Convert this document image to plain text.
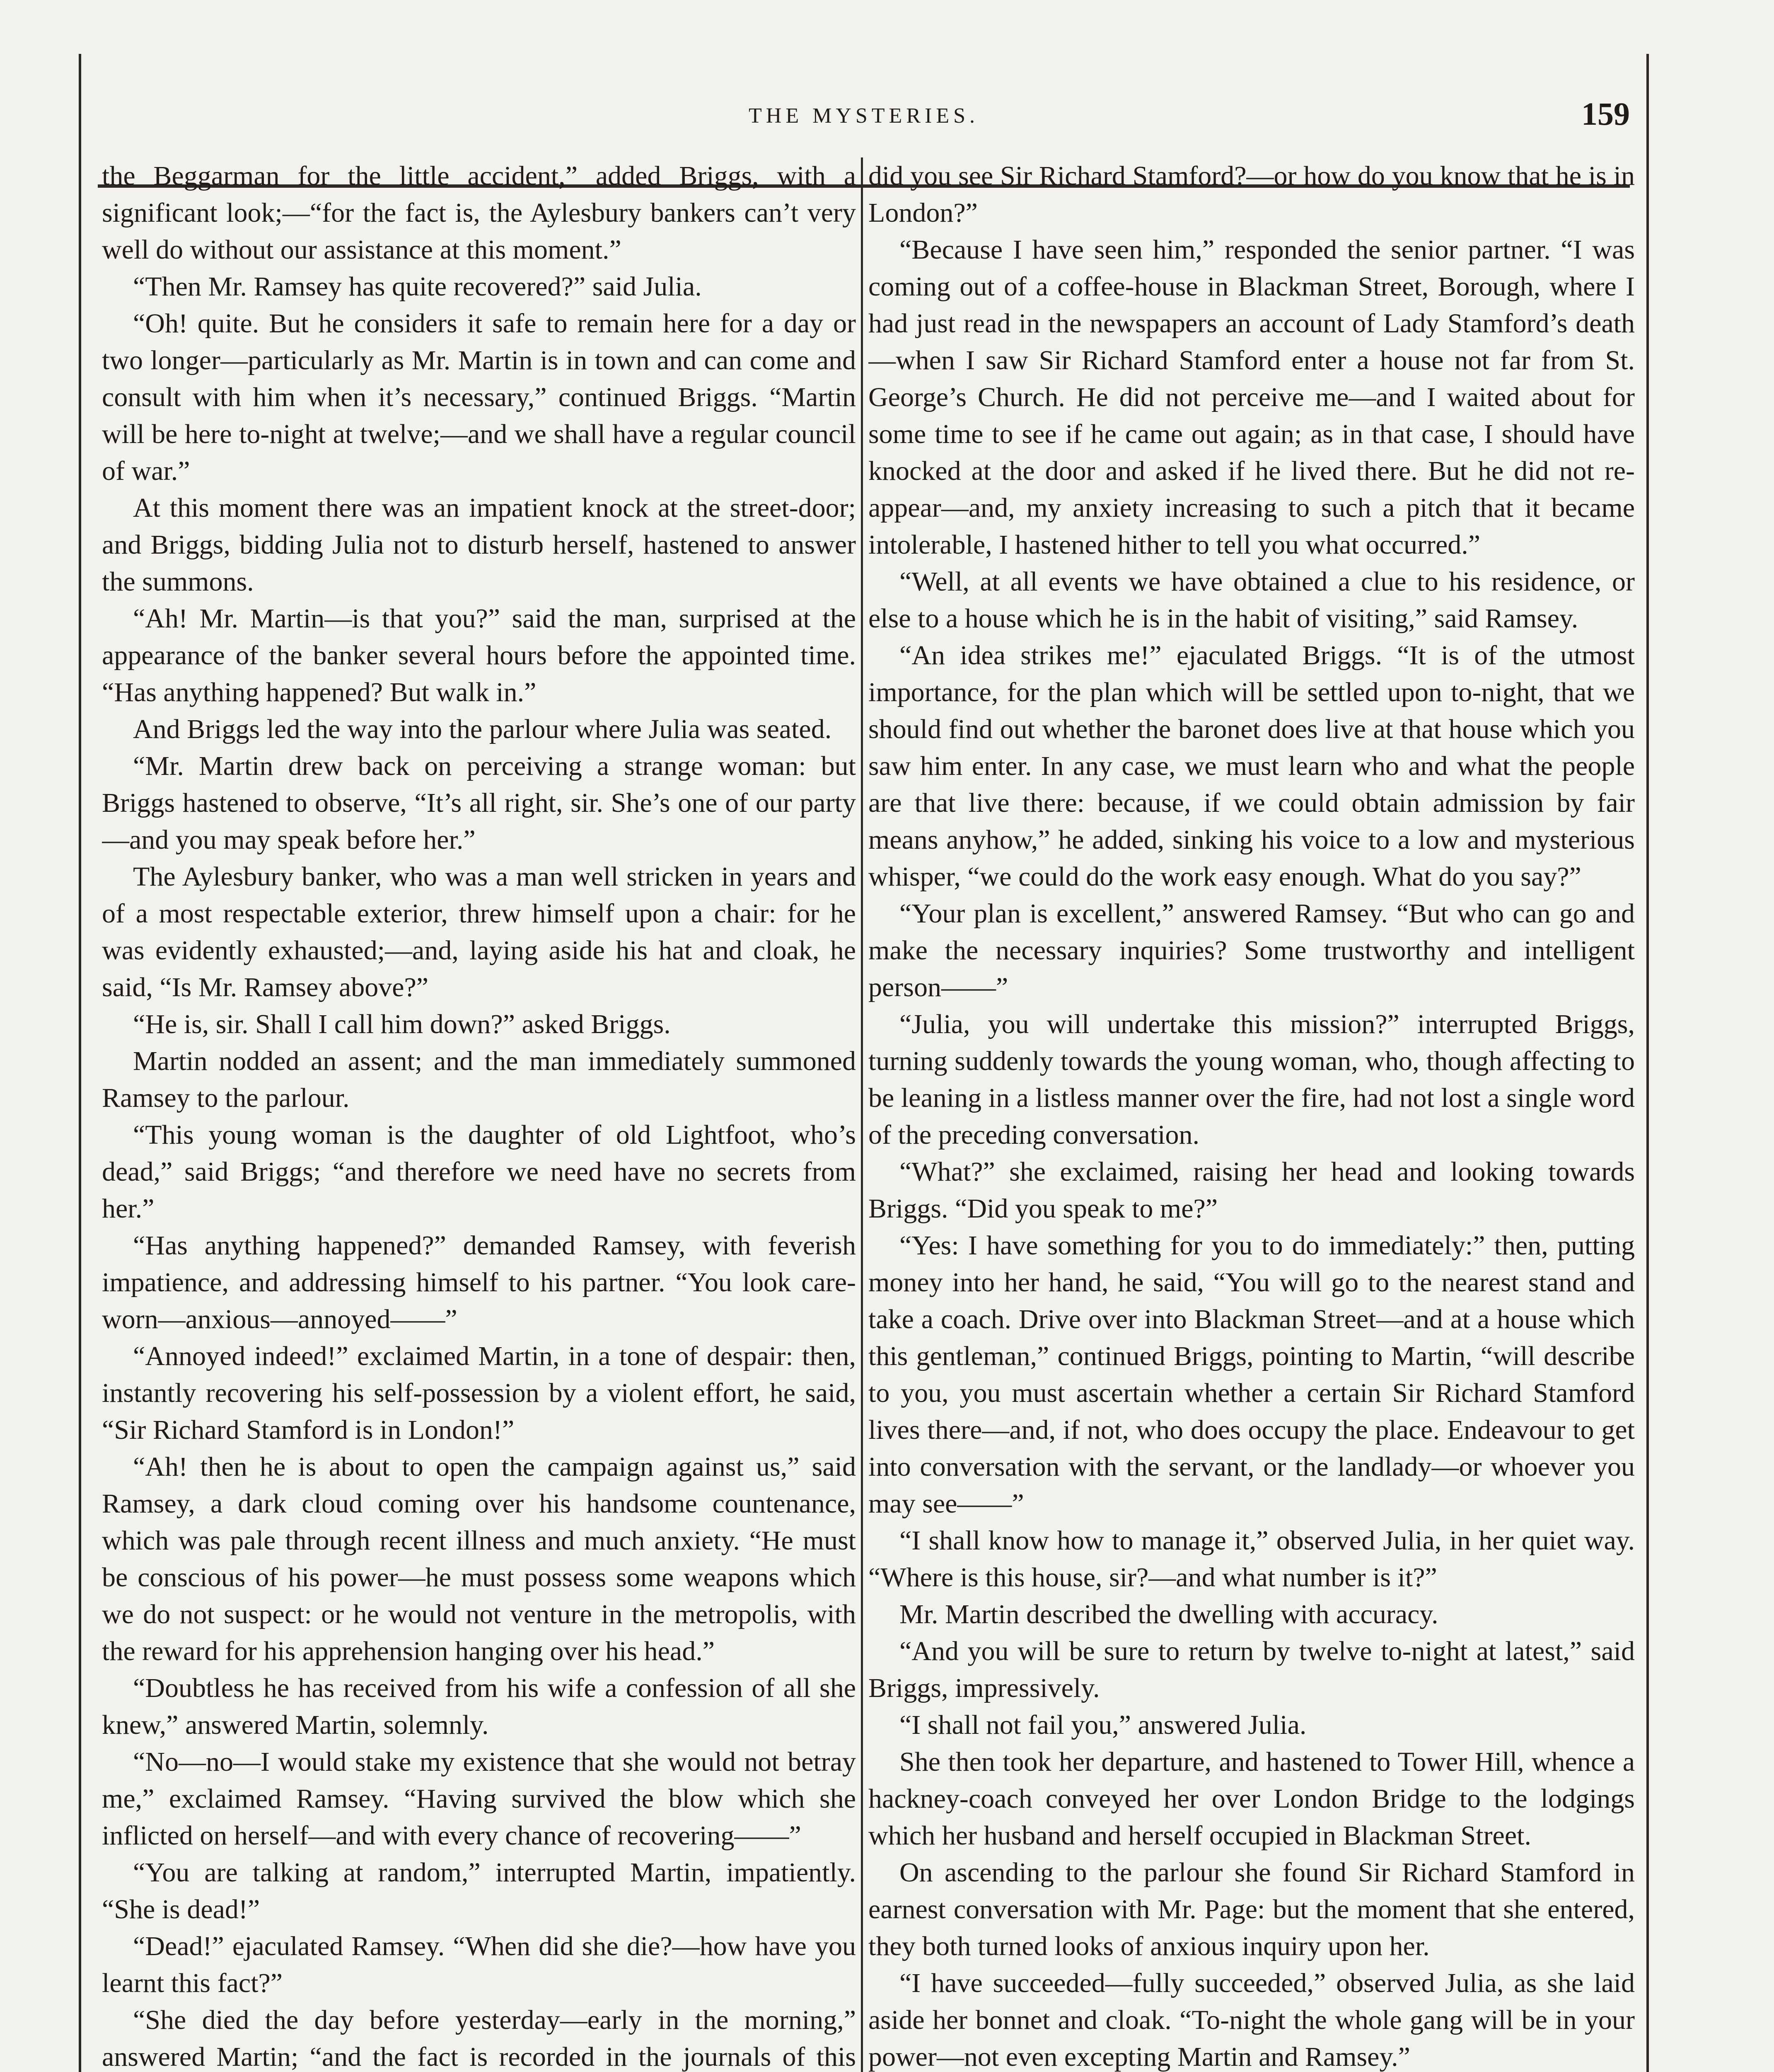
THE MYSTERIES.	159

the Beggarman for the little accident,” added Briggs, with a significant look;—“for the fact is, the Aylesbury bankers can’t very well do without our assistance at this moment.”

“Then Mr. Ramsey has quite recovered?” said Julia.

“Oh! quite. But he considers it safe to remain here for a day or two longer—particularly as Mr. Martin is in town and can come and consult with him when it’s necessary,” continued Briggs. “Martin will be here to-night at twelve;—and we shall have a regular council of war.”

At this moment there was an impatient knock at the street-door; and Briggs, bidding Julia not to disturb herself, hastened to answer the summons.

“Ah! Mr. Martin—is that you?” said the man, surprised at the appearance of the banker several hours before the appointed time. “Has anything happened? But walk in.”

And Briggs led the way into the parlour where Julia was seated.

“Mr. Martin drew back on perceiving a strange woman: but Briggs hastened to observe, “It’s all right, sir. She’s one of our party—and you may speak before her.”

The Aylesbury banker, who was a man well stricken in years and of a most respectable exterior, threw himself upon a chair: for he was evidently exhausted;—and, laying aside his hat and cloak, he said, “Is Mr. Ramsey above?”

“He is, sir. Shall I call him down?” asked Briggs.

Martin nodded an assent; and the man immediately summoned Ramsey to the parlour.

“This young woman is the daughter of old Lightfoot, who’s dead,” said Briggs; “and therefore we need have no secrets from her.”

“Has anything happened?” demanded Ramsey, with feverish impatience, and addressing himself to his partner. “You look care-worn—anxious—annoyed——”

“Annoyed indeed!” exclaimed Martin, in a tone of despair: then, instantly recovering his self-possession by a violent effort, he said, “Sir Richard Stamford is in London!”

“Ah! then he is about to open the campaign against us,” said Ramsey, a dark cloud coming over his handsome countenance, which was pale through recent illness and much anxiety. “He must be conscious of his power—he must possess some weapons which we do not suspect: or he would not venture in the metropolis, with the reward for his apprehension hanging over his head.”

“Doubtless he has received from his wife a confession of all she knew,” answered Martin, solemnly.

“No—no—I would stake my existence that she would not betray me,” exclaimed Ramsey. “Having survived the blow which she inflicted on herself—and with every chance of recovering——”

“You are talking at random,” interrupted Martin, impatiently. “She is dead!”

“Dead!” ejaculated Ramsey. “When did she die?—how have you learnt this fact?”

“She died the day before yesterday—early in the morning,” answered Martin; “and the fact is recorded in the journals of this

did you see Sir Richard Stamford?—or how do you know that he is in London?”

“Because I have seen him,” responded the senior partner. “I was coming out of a coffee-house in Blackman Street, Borough, where I had just read in the newspapers an account of Lady Stamford’s death—when I saw Sir Richard Stamford enter a house not far from St. George’s Church. He did not perceive me—and I waited about for some time to see if he came out again; as in that case, I should have knocked at the door and asked if he lived there. But he did not re-appear—and, my anxiety increasing to such a pitch that it became intolerable, I hastened hither to tell you what occurred.”

“Well, at all events we have obtained a clue to his residence, or else to a house which he is in the habit of visiting,” said Ramsey.

“An idea strikes me!” ejaculated Briggs. “It is of the utmost importance, for the plan which will be settled upon to-night, that we should find out whether the baronet does live at that house which you saw him enter. In any case, we must learn who and what the people are that live there: because, if we could obtain admission by fair means anyhow,” he added, sinking his voice to a low and mysterious whisper, “we could do the work easy enough. What do you say?”

“Your plan is excellent,” answered Ramsey. “But who can go and make the necessary inquiries? Some trustworthy and intelligent person——”

“Julia, you will undertake this mission?” interrupted Briggs, turning suddenly towards the young woman, who, though affecting to be leaning in a listless manner over the fire, had not lost a single word of the preceding conversation.

“What?” she exclaimed, raising her head and looking towards Briggs. “Did you speak to me?”

“Yes: I have something for you to do immediately:” then, putting money into her hand, he said, “You will go to the nearest stand and take a coach. Drive over into Blackman Street—and at a house which this gentleman,” continued Briggs, pointing to Martin, “will describe to you, you must ascertain whether a certain Sir Richard Stamford lives there—and, if not, who does occupy the place. Endeavour to get into conversation with the servant, or the landlady—or whoever you may see——”

“I shall know how to manage it,” observed Julia, in her quiet way. “Where is this house, sir?—and what number is it?”

Mr. Martin described the dwelling with accuracy.

“And you will be sure to return by twelve to-night at latest,” said Briggs, impressively.

“I shall not fail you,” answered Julia.

She then took her departure, and hastened to Tower Hill, whence a hackney-coach conveyed her over London Bridge to the lodgings which her husband and herself occupied in Blackman Street.

On ascending to the parlour she found Sir Richard Stamford in earnest conversation with Mr. Page: but the moment that she entered, they both turned looks of anxious inquiry upon her.

“I have succeeded—fully succeeded,” observed Julia, as she laid aside her bonnet and cloak. “To-night the whole gang will be in your power—not even excepting Martin and Ramsey.”
